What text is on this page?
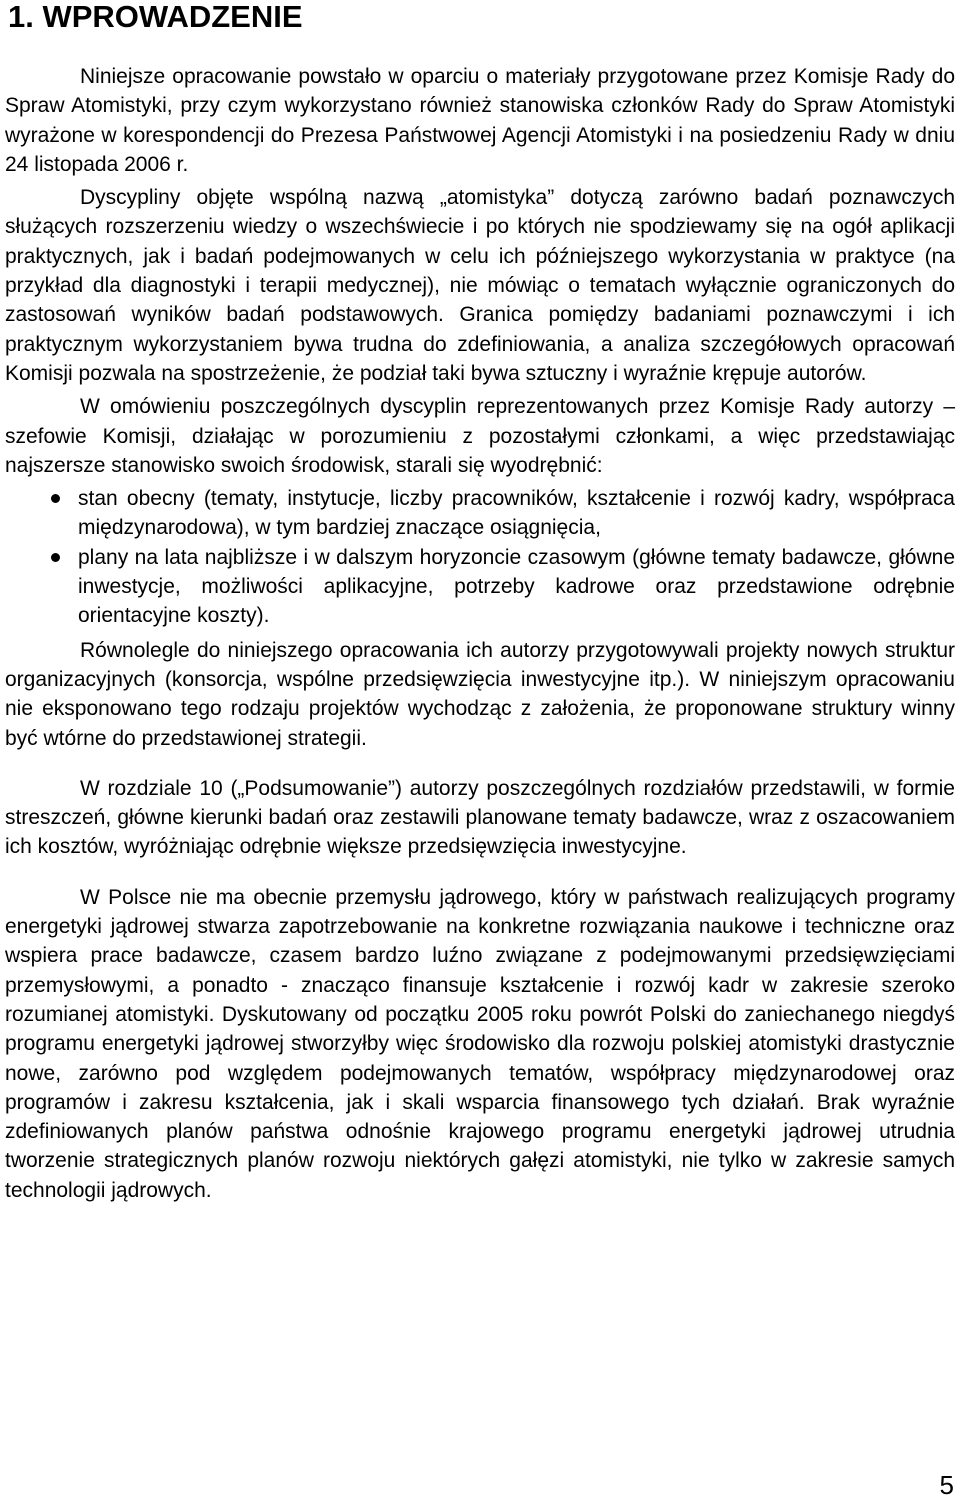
1. WPROWADZENIE

Niniejsze opracowanie powstało w oparciu o materiały przygotowane przez Komisje Rady do Spraw Atomistyki, przy czym wykorzystano również stanowiska członków Rady do Spraw Atomistyki wyrażone w korespondencji do Prezesa Państwowej Agencji Atomistyki i na posiedzeniu Rady w dniu 24 listopada 2006 r.

Dyscypliny objęte wspólną nazwą „atomistyka” dotyczą zarówno badań poznawczych służących rozszerzeniu wiedzy o wszechświecie i po których nie spodziewamy się na ogół aplikacji praktycznych, jak i badań podejmowanych w celu ich późniejszego wykorzystania w praktyce (na przykład dla diagnostyki i terapii medycznej), nie mówiąc o tematach wyłącznie ograniczonych do zastosowań wyników badań podstawowych. Granica pomiędzy badaniami poznawczymi i ich praktycznym wykorzystaniem bywa trudna do zdefiniowania, a analiza szczegółowych opracowań Komisji pozwala na spostrzeżenie, że podział taki bywa sztuczny i wyraźnie krępuje autorów.

W omówieniu poszczególnych dyscyplin reprezentowanych przez Komisje Rady autorzy – szefowie Komisji, działając w porozumieniu z pozostałymi członkami, a więc przedstawiając najszersze stanowisko swoich środowisk, starali się wyodrębnić:

stan obecny (tematy, instytucje, liczby pracowników, kształcenie i rozwój kadry, współpraca międzynarodowa), w tym bardziej znaczące osiągnięcia,
plany na lata najbliższe i w dalszym horyzoncie czasowym (główne tematy badawcze, główne inwestycje, możliwości aplikacyjne, potrzeby kadrowe oraz przedstawione odrębnie orientacyjne koszty).

Równolegle do niniejszego opracowania ich autorzy przygotowywali projekty nowych struktur organizacyjnych (konsorcja, wspólne przedsięwzięcia inwestycyjne itp.). W niniejszym opracowaniu nie eksponowano tego rodzaju projektów wychodząc z założenia, że proponowane struktury winny być wtórne do przedstawionej strategii.

W rozdziale 10 („Podsumowanie”) autorzy poszczególnych rozdziałów przedstawili, w formie streszczeń, główne kierunki badań oraz zestawili planowane tematy badawcze, wraz z oszacowaniem ich kosztów, wyróżniając odrębnie większe przedsięwzięcia inwestycyjne.

W Polsce nie ma obecnie przemysłu jądrowego, który w państwach realizujących programy energetyki jądrowej stwarza zapotrzebowanie na konkretne rozwiązania naukowe i techniczne oraz wspiera prace badawcze, czasem bardzo luźno związane z podejmowanymi przedsięwzięciami przemysłowymi, a ponadto - znacząco finansuje kształcenie i rozwój kadr w zakresie szeroko rozumianej atomistyki. Dyskutowany od początku 2005 roku powrót Polski do zaniechanego niegdyś programu energetyki jądrowej stworzyłby więc środowisko dla rozwoju polskiej atomistyki drastycznie nowe, zarówno pod względem podejmowanych tematów, współpracy międzynarodowej oraz programów i zakresu kształcenia, jak i skali wsparcia finansowego tych działań. Brak wyraźnie zdefiniowanych planów państwa odnośnie krajowego programu energetyki jądrowej utrudnia tworzenie strategicznych planów rozwoju niektórych gałęzi atomistyki, nie tylko w zakresie samych technologii jądrowych.

5
